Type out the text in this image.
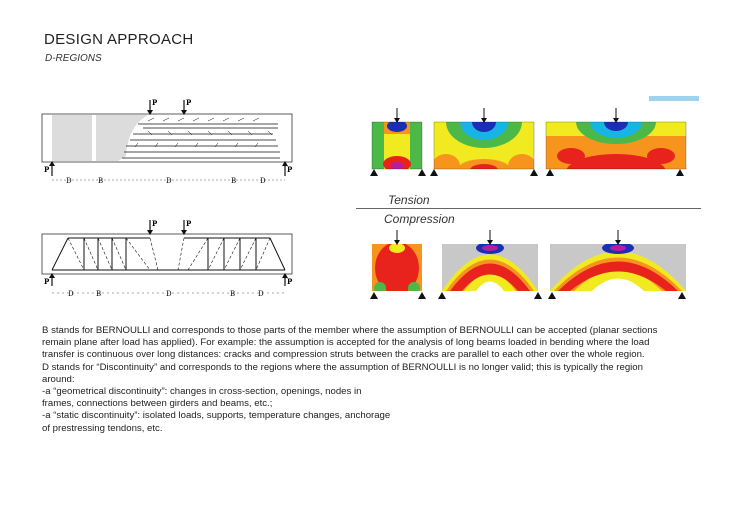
DESIGN APPROACH
D-REGIONS
P	P
P	P
D	B	D	B	D
P	P
P	P
D	B	D	B	D
Tension
Compression

B stands for BERNOULLI and corresponds to those parts of the member where the assumption of BERNOULLI can be accepted (planar sections

remain plane after load has applied). For example: the assumption is accepted for the analysis of long beams loaded in bending where the load

transfer is continuous over long distances: cracks and compression struts between the cracks are parallel to each other over the whole region.

D stands for “Discontinuity” and corresponds to the regions where the assumption of BERNOULLI is no longer valid; this is typically the region

around:

-a “geometrical discontinuity”: changes in cross-section, openings, nodes in

frames, connections between girders and beams, etc.;

-a “static discontinuity”: isolated loads, supports, temperature changes, anchorage

of prestressing tendons, etc.
